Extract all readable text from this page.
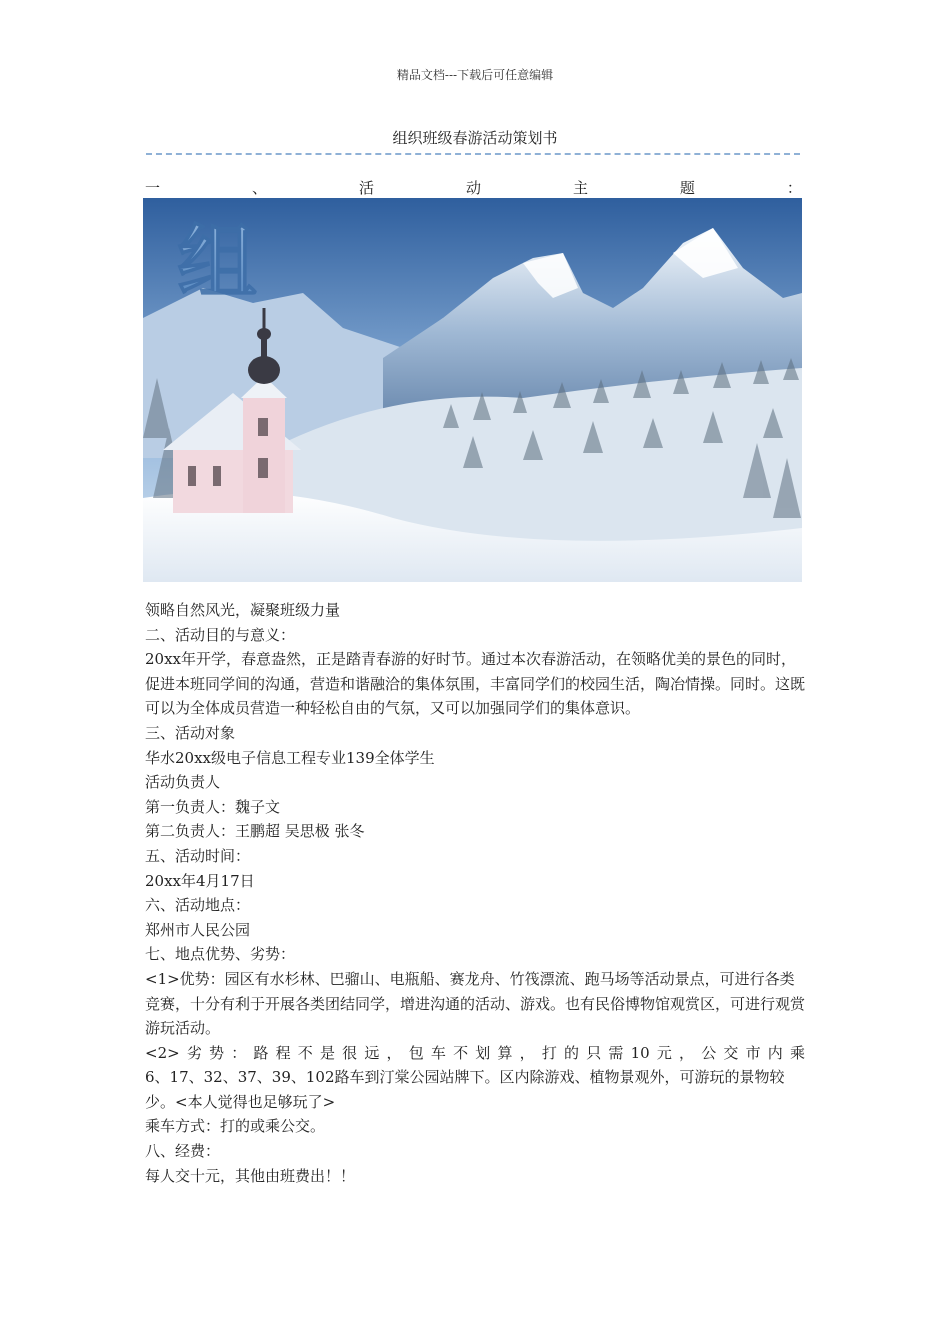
精品文档---下载后可任意编辑
组织班级春游活动策划书
一	、	活	动	主	题	：
组

领略自然风光，凝聚班级力量

二、活动目的与意义：

20xx年开学，春意盎然，正是踏青春游的好时节。通过本次春游活动，在领略优美的景色的同时，促进本班同学间的沟通，营造和谐融洽的集体氛围，丰富同学们的校园生活，陶冶情操。同时。这既可以为全体成员营造一种轻松自由的气氛，又可以加强同学们的集体意识。

三、活动对象

华水20xx级电子信息工程专业139全体学生

活动负责人

第一负责人：魏子文

第二负责人：王鹏超 吴思极 张冬

五、活动时间：

20xx年4月17日

六、活动地点：

郑州市人民公园

七、地点优势、劣势：

<1>优势：园区有水杉林、巴骝山、电瓶船、赛龙舟、竹筏漂流、跑马场等活动景点，可进行各类竞赛，十分有利于开展各类团结同学，增进沟通的活动、游戏。也有民俗博物馆观赏区，可进行观赏游玩活动。

<2>劣势：路程不是很远，包车不划算，打的只需10元，公交市内乘

6、17、32、37、39、102路车到汀棠公园站牌下。区内除游戏、植物景观外，可游玩的景物较少。<本人觉得也足够玩了>

乘车方式：打的或乘公交。

八、经费：

每人交十元，其他由班费出！！
